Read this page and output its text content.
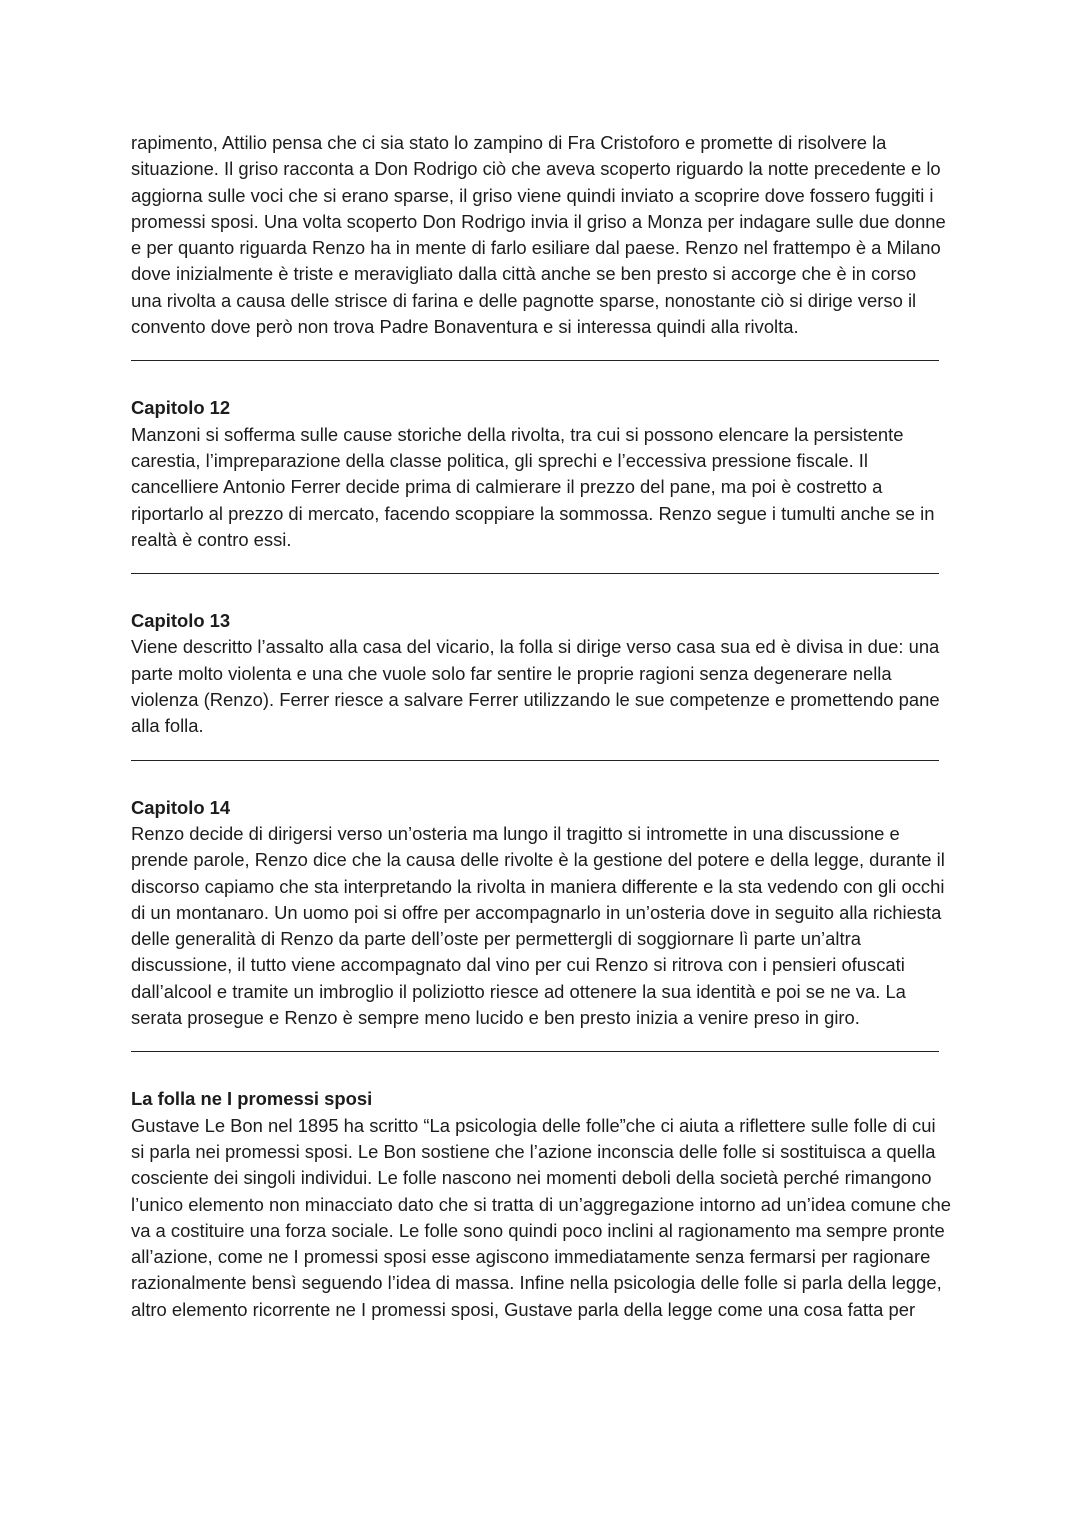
rapimento, Attilio pensa che ci sia stato lo zampino di Fra Cristoforo e promette di risolvere la situazione. Il griso racconta a Don Rodrigo ciò che aveva scoperto riguardo la notte precedente e lo aggiorna sulle voci che si erano sparse, il griso viene quindi inviato a scoprire dove fossero fuggiti i promessi sposi. Una volta scoperto Don Rodrigo invia il griso a Monza per indagare sulle due donne e per quanto riguarda Renzo ha in mente di farlo esiliare dal paese. Renzo nel frattempo è a Milano dove inizialmente è triste e meravigliato dalla città anche se ben presto si accorge che è in corso una rivolta a causa delle strisce di farina e delle pagnotte sparse, nonostante ciò si dirige verso il convento dove però non trova Padre Bonaventura e si interessa quindi alla rivolta.

Capitolo 12

Manzoni si sofferma sulle cause storiche della rivolta, tra cui si possono elencare la persistente carestia, l’impreparazione della classe politica, gli sprechi e l’eccessiva pressione fiscale. Il cancelliere Antonio Ferrer decide prima di calmierare il prezzo del pane, ma poi è costretto a riportarlo al prezzo di mercato, facendo scoppiare la sommossa. Renzo segue i tumulti anche se in realtà è contro essi.

Capitolo 13

Viene descritto l’assalto alla casa del vicario, la folla si dirige verso casa sua ed è divisa in due: una parte molto violenta e una che vuole solo far sentire le proprie ragioni senza degenerare nella violenza (Renzo). Ferrer riesce a salvare Ferrer utilizzando le sue competenze e promettendo pane alla folla.

Capitolo 14

Renzo decide di dirigersi verso un’osteria ma lungo il tragitto si intromette in una discussione e prende parole, Renzo dice che la causa delle rivolte è la gestione del potere e della legge, durante il discorso capiamo che sta interpretando la rivolta in maniera differente e la sta vedendo con gli occhi di un montanaro. Un uomo poi si offre per accompagnarlo in un’osteria dove in seguito alla richiesta delle generalità di Renzo da parte dell’oste per permettergli di soggiornare lì parte un’altra discussione, il tutto viene accompagnato dal vino per cui Renzo si ritrova con i pensieri ofuscati dall’alcool e tramite un imbroglio il poliziotto riesce ad ottenere la sua identità e poi se ne va. La serata prosegue e Renzo è sempre meno lucido e ben presto inizia a venire preso in giro.

La folla ne I promessi sposi

Gustave Le Bon nel 1895 ha scritto “La psicologia delle folle”che ci aiuta a riflettere sulle folle di cui si parla nei promessi sposi. Le Bon sostiene che l’azione inconscia delle folle si sostituisca a quella cosciente dei singoli individui. Le folle nascono nei momenti deboli della società perché rimangono l’unico elemento non minacciato dato che si tratta di un’aggregazione intorno ad un’idea comune che va a costituire una forza sociale. Le folle sono quindi poco inclini al ragionamento ma sempre pronte all’azione, come ne I promessi sposi esse agiscono immediatamente senza fermarsi per ragionare razionalmente bensì seguendo l’idea di massa. Infine nella psicologia delle folle si parla della legge, altro elemento ricorrente ne I promessi sposi, Gustave parla della legge come una cosa fatta per
